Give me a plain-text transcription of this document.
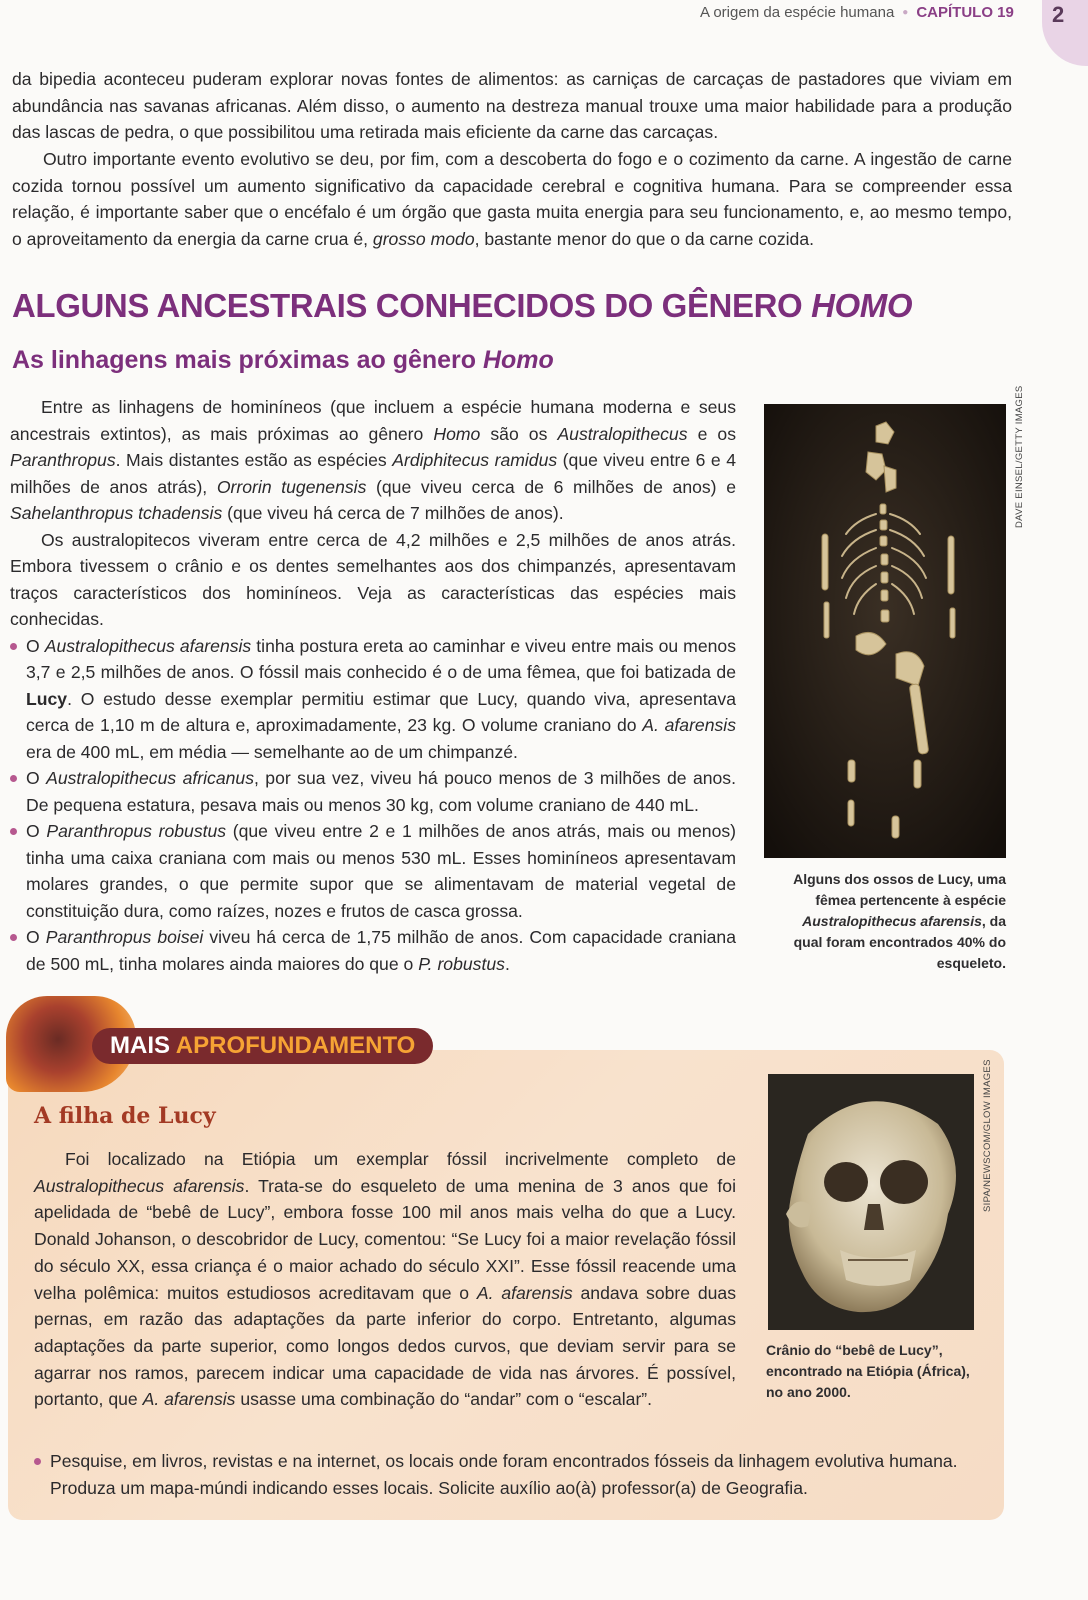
A origem da espécie humana ● CAPÍTULO 19	2

da bipedia aconteceu puderam explorar novas fontes de alimentos: as carniças de carcaças de pastadores que viviam em abundância nas savanas africanas. Além disso, o aumento na destreza manual trouxe uma maior habilidade para a produção das lascas de pedra, o que possibilitou uma retirada mais eficiente da carne das carcaças.

Outro importante evento evolutivo se deu, por fim, com a descoberta do fogo e o cozimento da carne. A ingestão de carne cozida tornou possível um aumento significativo da capacidade cerebral e cognitiva humana. Para se compreender essa relação, é importante saber que o encéfalo é um órgão que gasta muita energia para seu funcionamento, e, ao mesmo tempo, o aproveitamento da energia da carne crua é, grosso modo, bastante menor do que o da carne cozida.

ALGUNS ANCESTRAIS CONHECIDOS DO GÊNERO HOMO
As linhagens mais próximas ao gênero Homo

Entre as linhagens de hominíneos (que incluem a espécie humana moderna e seus ancestrais extintos), as mais próximas ao gênero Homo são os Australopithecus e os Paranthropus. Mais distantes estão as espécies Ardiphitecus ramidus (que viveu entre 6 e 4 milhões de anos atrás), Orrorin tugenensis (que viveu cerca de 6 milhões de anos) e Sahelanthropus tchadensis (que viveu há cerca de 7 milhões de anos).

Os australopitecos viveram entre cerca de 4,2 milhões e 2,5 milhões de anos atrás. Embora tivessem o crânio e os dentes semelhantes aos dos chimpanzés, apresentavam traços característicos dos hominíneos. Veja as características das espécies mais conhecidas.

O Australopithecus afarensis tinha postura ereta ao caminhar e viveu entre mais ou menos 3,7 e 2,5 milhões de anos. O fóssil mais conhecido é o de uma fêmea, que foi batizada de Lucy. O estudo desse exemplar permitiu estimar que Lucy, quando viva, apresentava cerca de 1,10 m de altura e, aproximadamente, 23 kg. O volume craniano do A. afarensis era de 400 mL, em média — semelhante ao de um chimpanzé.
O Australopithecus africanus, por sua vez, viveu há pouco menos de 3 milhões de anos. De pequena estatura, pesava mais ou menos 30 kg, com volume craniano de 440 mL.
O Paranthropus robustus (que viveu entre 2 e 1 milhões de anos atrás, mais ou menos) tinha uma caixa craniana com mais ou menos 530 mL. Esses hominíneos apresentavam molares grandes, o que permite supor que se alimentavam de material vegetal de constituição dura, como raízes, nozes e frutos de casca grossa.
O Paranthropus boisei viveu há cerca de 1,75 milhão de anos. Com capacidade craniana de 500 mL, tinha molares ainda maiores do que o P. robustus.
DAVE EINSEL/GETTY IMAGES
Alguns dos ossos de Lucy, uma fêmea pertencente à espécie Australopithecus afarensis, da qual foram encontrados 40% do esqueleto.
MAIS APROFUNDAMENTO
A filha de Lucy

Foi localizado na Etiópia um exemplar fóssil incrivelmente completo de Australopithecus afarensis. Trata-se do esqueleto de uma menina de 3 anos que foi apelidada de “bebê de Lucy”, embora fosse 100 mil anos mais velha do que a Lucy. Donald Johanson, o descobridor de Lucy, comentou: “Se Lucy foi a maior revelação fóssil do século XX, essa criança é o maior achado do século XXI”. Esse fóssil reacende uma velha polêmica: muitos estudiosos acreditavam que o A. afarensis andava sobre duas pernas, em razão das adaptações da parte inferior do corpo. Entretanto, algumas adaptações da parte superior, como longos dedos curvos, que deviam servir para se agarrar nos ramos, parecem indicar uma capacidade de vida nas árvores. É possível, portanto, que A. afarensis usasse uma combinação do “andar” com o “escalar”.

Pesquise, em livros, revistas e na internet, os locais onde foram encontrados fósseis da linhagem evolutiva humana. Produza um mapa-múndi indicando esses locais. Solicite auxílio ao(à) professor(a) de Geografia.
SIPA/NEWSCOM/GLOW IMAGES
Crânio do “bebê de Lucy”, encontrado na Etiópia (África), no ano 2000.
